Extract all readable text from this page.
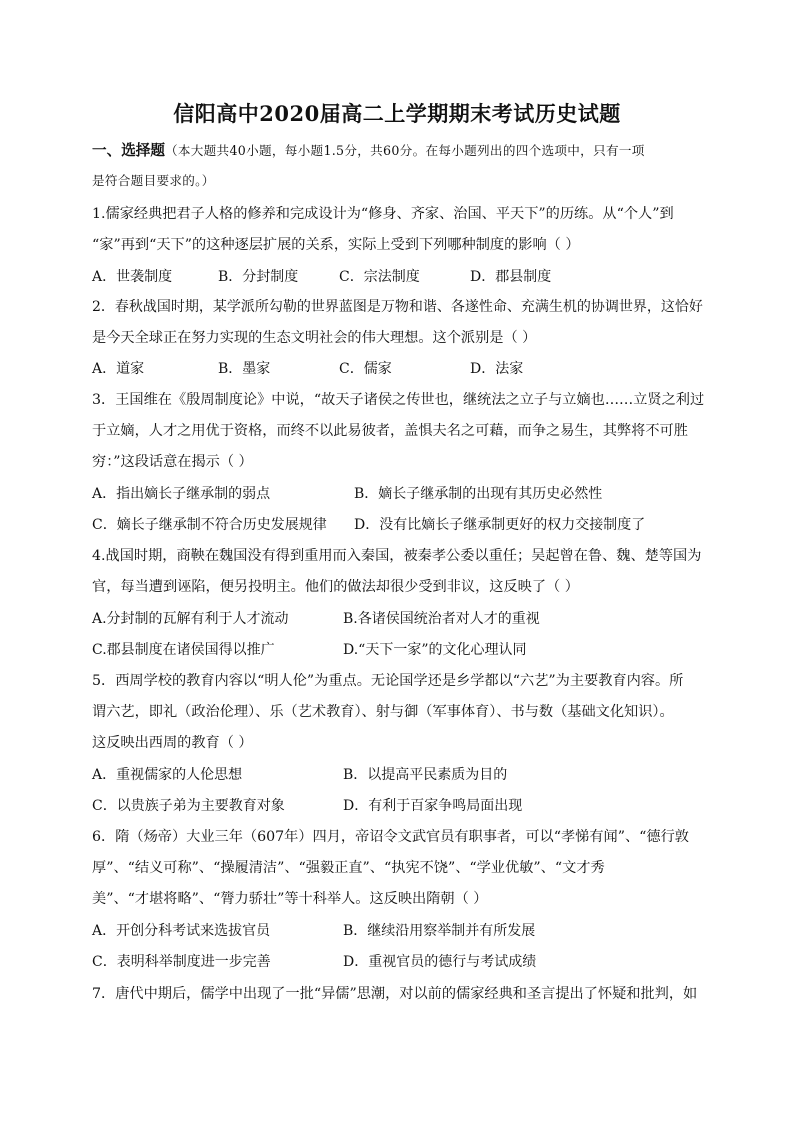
信阳高中2020届高二上学期期末考试历史试题
一、选择题（本大题共40小题，每小题1.5分，共60分。在每小题列出的四个选项中，只有一项
是符合题目要求的。）
1.儒家经典把君子人格的修养和完成设计为“修身、齐家、治国、平天下”的历练。从“个人”到
“家”再到“天下”的这种逐层扩展的关系，实际上受到下列哪种制度的影响（ ）
A．世袭制度	B．分封制度	C．宗法制度	D．郡县制度
2．春秋战国时期，某学派所勾勒的世界蓝图是万物和谐、各遂性命、充满生机的协调世界，这恰好
是今天全球正在努力实现的生态文明社会的伟大理想。这个派别是（ ）
A．道家	B．墨家	C．儒家	D．法家
3．王国维在《殷周制度论》中说，“故天子诸侯之传世也，继统法之立子与立嫡也……立贤之利过
于立嫡，人才之用优于资格，而终不以此易彼者，盖惧夫名之可藉，而争之易生，其弊将不可胜
穷：”这段话意在揭示（ ）
A．指出嫡长子继承制的弱点	B．嫡长子继承制的出现有其历史必然性
C．嫡长子继承制不符合历史发展规律 D．没有比嫡长子继承制更好的权力交接制度了
4.战国时期，商鞅在魏国没有得到重用而入秦国，被秦孝公委以重任；吴起曾在鲁、魏、楚等国为
官，每当遭到诬陷，便另投明主。他们的做法却很少受到非议，这反映了（ ）
A.分封制的瓦解有利于人才流动	B.各诸侯国统治者对人才的重视
C.郡县制度在诸侯国得以推广	D.“天下一家”的文化心理认同
5．西周学校的教育内容以“明人伦”为重点。无论国学还是乡学都以“六艺”为主要教育内容。所
谓六艺，即礼（政治伦理）、乐（艺术教育）、射与御（军事体育）、书与数（基础文化知识）。
这反映出西周的教育（ ）
A．重视儒家的人伦思想	B．以提高平民素质为目的
C．以贵族子弟为主要教育对象	D．有利于百家争鸣局面出现
6．隋（炀帝）大业三年（607年）四月，帝诏令文武官员有职事者，可以“孝悌有闻”、“德行敦
厚”、“结义可称”、“操履清洁”、“强毅正直”、“执宪不饶”、“学业优敏”、“文才秀
美”、“才堪将略”、“膂力骄壮”等十科举人。这反映出隋朝（ ）
A．开创分科考试来选拔官员	B．继续沿用察举制并有所发展
C．表明科举制度进一步完善	D．重视官员的德行与考试成绩
7．唐代中期后，儒学中出现了一批“异儒”思潮，对以前的儒家经典和圣言提出了怀疑和批判，如
